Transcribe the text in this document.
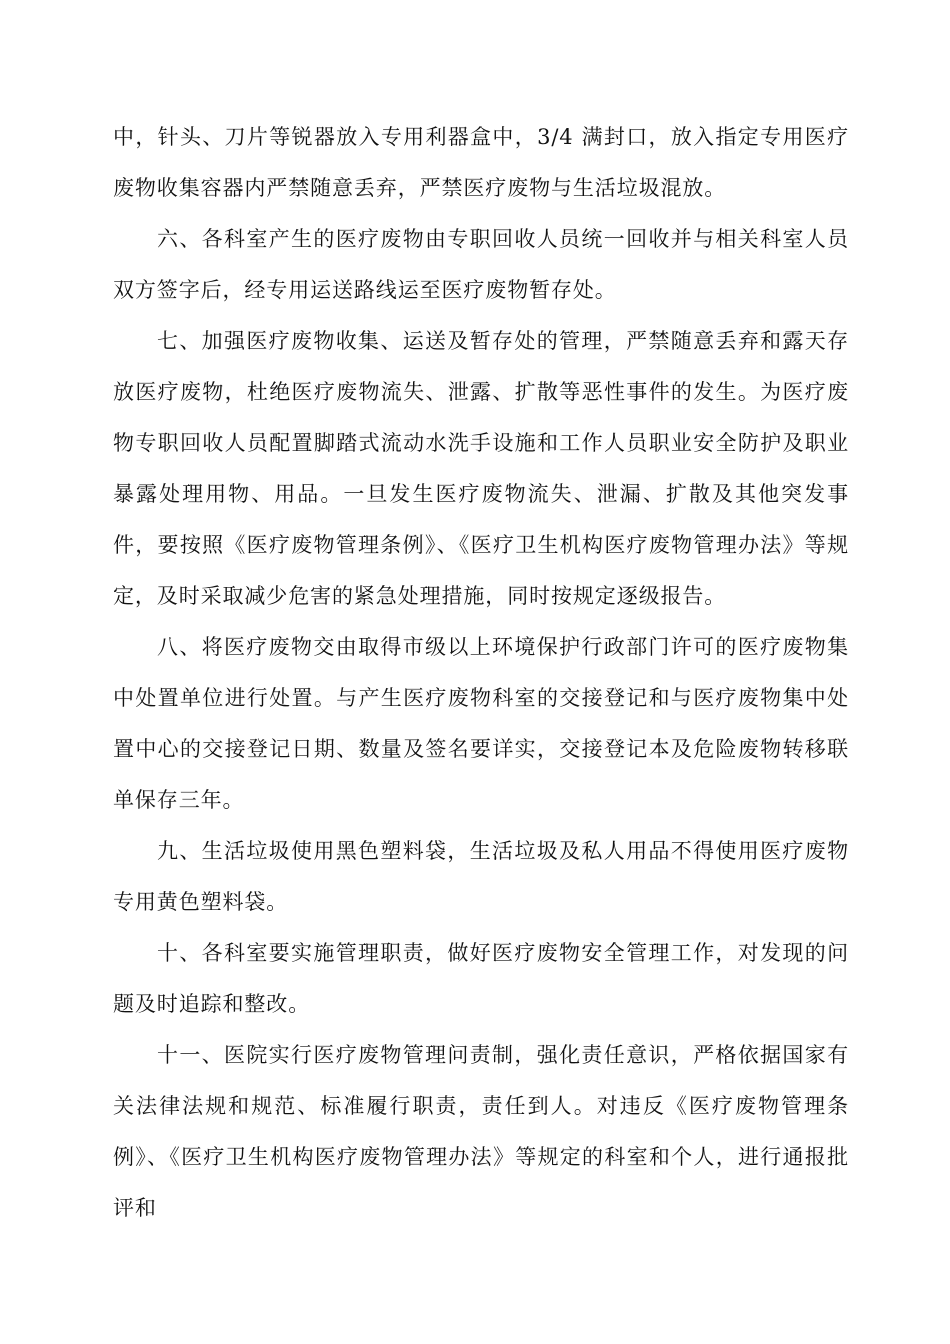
中，针头、刀片等锐器放入专用利器盒中，3/4 满封口，放入指定专用医疗废物收集容器内严禁随意丢弃，严禁医疗废物与生活垃圾混放。

六、各科室产生的医疗废物由专职回收人员统一回收并与相关科室人员双方签字后，经专用运送路线运至医疗废物暂存处。

七、加强医疗废物收集、运送及暂存处的管理，严禁随意丢弃和露天存放医疗废物，杜绝医疗废物流失、泄露、扩散等恶性事件的发生。为医疗废物专职回收人员配置脚踏式流动水洗手设施和工作人员职业安全防护及职业暴露处理用物、用品。一旦发生医疗废物流失、泄漏、扩散及其他突发事件，要按照《医疗废物管理条例》、《医疗卫生机构医疗废物管理办法》等规定，及时采取减少危害的紧急处理措施，同时按规定逐级报告。

八、将医疗废物交由取得市级以上环境保护行政部门许可的医疗废物集中处置单位进行处置。与产生医疗废物科室的交接登记和与医疗废物集中处置中心的交接登记日期、数量及签名要详实，交接登记本及危险废物转移联单保存三年。

九、生活垃圾使用黑色塑料袋，生活垃圾及私人用品不得使用医疗废物专用黄色塑料袋。

十、各科室要实施管理职责，做好医疗废物安全管理工作，对发现的问题及时追踪和整改。

十一、医院实行医疗废物管理问责制，强化责任意识，严格依据国家有关法律法规和规范、标准履行职责，责任到人。对违反《医疗废物管理条例》、《医疗卫生机构医疗废物管理办法》等规定的科室和个人，进行通报批评和
